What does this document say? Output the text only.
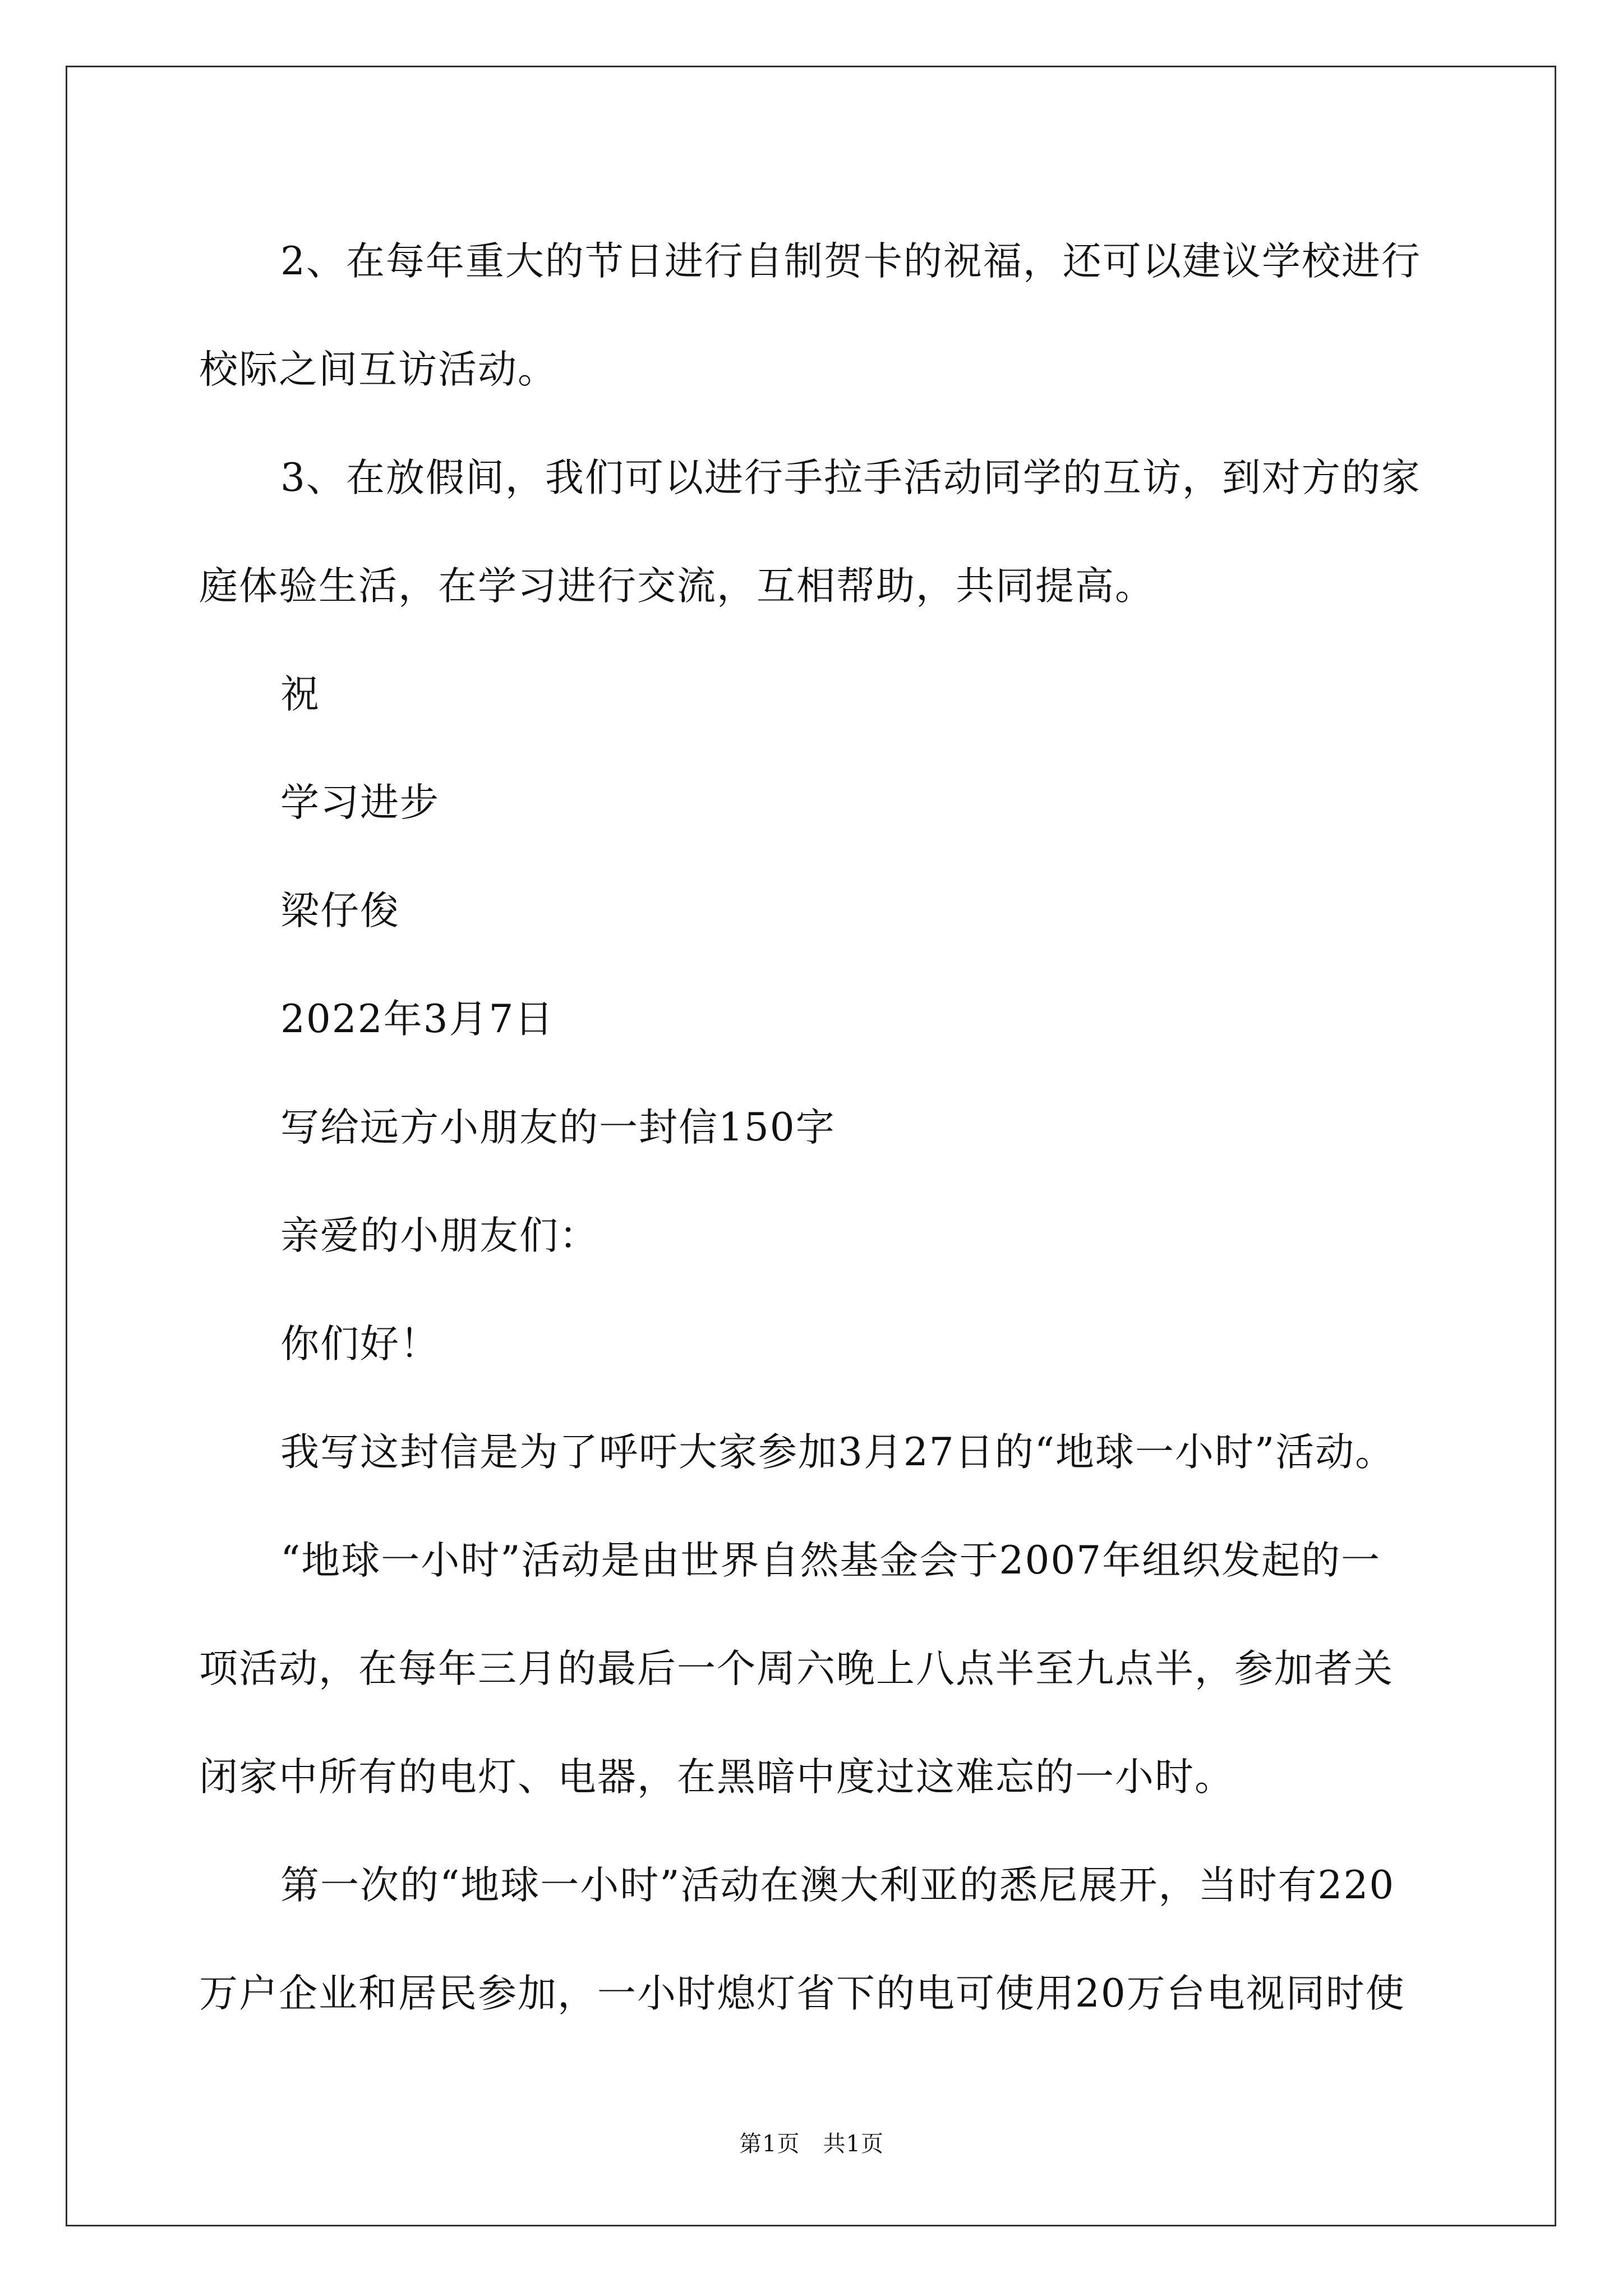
2、在每年重大的节日进行自制贺卡的祝福，还可以建议学校进行

校际之间互访活动。

3、在放假间，我们可以进行手拉手活动同学的互访，到对方的家

庭体验生活，在学习进行交流，互相帮助，共同提高。

祝

学习进步

梁仔俊

2022年3月7日

写给远方小朋友的一封信150字

亲爱的小朋友们：

你们好！

我写这封信是为了呼吁大家参加3月27日的“地球一小时”活动。

“地球一小时”活动是由世界自然基金会于2007年组织发起的一

项活动，在每年三月的最后一个周六晚上八点半至九点半，参加者关

闭家中所有的电灯、电器，在黑暗中度过这难忘的一小时。

第一次的“地球一小时”活动在澳大利亚的悉尼展开，当时有220

万户企业和居民参加，一小时熄灯省下的电可使用20万台电视同时使

第1页　共1页
